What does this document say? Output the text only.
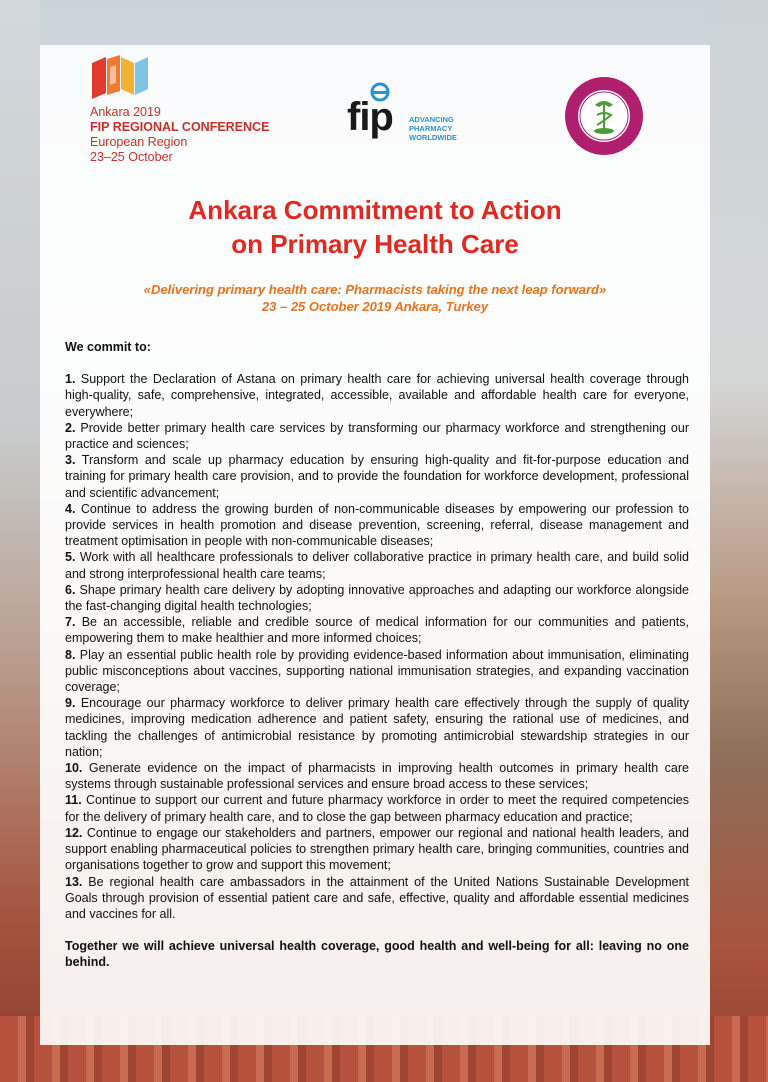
Ankara 2019
FIP REGIONAL CONFERENCE
European Region
23–25 October
fip ADVANCING
PHARMACY
WORLDWIDE
Ankara Commitment to Action
on Primary Health Care
«Delivering primary health care: Pharmacists taking the next leap forward»
23 – 25 October 2019 Ankara, Turkey
We commit to:
1. Support the Declaration of Astana on primary health care for achieving universal health coverage through high-quality, safe, comprehensive, integrated, accessible, available and affordable health care for everyone, everywhere;
2. Provide better primary health care services by transforming our pharmacy workforce and strengthening our practice and sciences;
3. Transform and scale up pharmacy education by ensuring high-quality and fit-for-purpose education and training for primary health care provision, and to provide the foundation for workforce development, professional and scientific advancement;
4. Continue to address the growing burden of non-communicable diseases by empowering our profession to provide services in health promotion and disease prevention, screening, referral, disease management and treatment optimisation in people with non-communicable diseases;
5. Work with all healthcare professionals to deliver collaborative practice in primary health care, and build solid and strong interprofessional health care teams;
6. Shape primary health care delivery by adopting innovative approaches and adapting our workforce alongside the fast-changing digital health technologies;
7. Be an accessible, reliable and credible source of medical information for our communities and patients, empowering them to make healthier and more informed choices;
8. Play an essential public health role by providing evidence-based information about immunisation, eliminating public misconceptions about vaccines, supporting national immunisation strategies, and expanding vaccination coverage;
9. Encourage our pharmacy workforce to deliver primary health care effectively through the supply of quality medicines, improving medication adherence and patient safety, ensuring the rational use of medicines, and tackling the challenges of antimicrobial resistance by promoting antimicrobial stewardship strategies in our nation;
10. Generate evidence on the impact of pharmacists in improving health outcomes in primary health care systems through sustainable professional services and ensure broad access to these services;
11. Continue to support our current and future pharmacy workforce in order to meet the required competencies for the delivery of primary health care, and to close the gap between pharmacy education and practice;
12. Continue to engage our stakeholders and partners, empower our regional and national health leaders, and support enabling pharmaceutical policies to strengthen primary health care, bringing communities, countries and organisations together to grow and support this movement;
13. Be regional health care ambassadors in the attainment of the United Nations Sustainable Development Goals through provision of essential patient care and safe, effective, quality and affordable essential medicines and vaccines for all.
Together we will achieve universal health coverage, good health and well-being for all: leaving no one behind.
